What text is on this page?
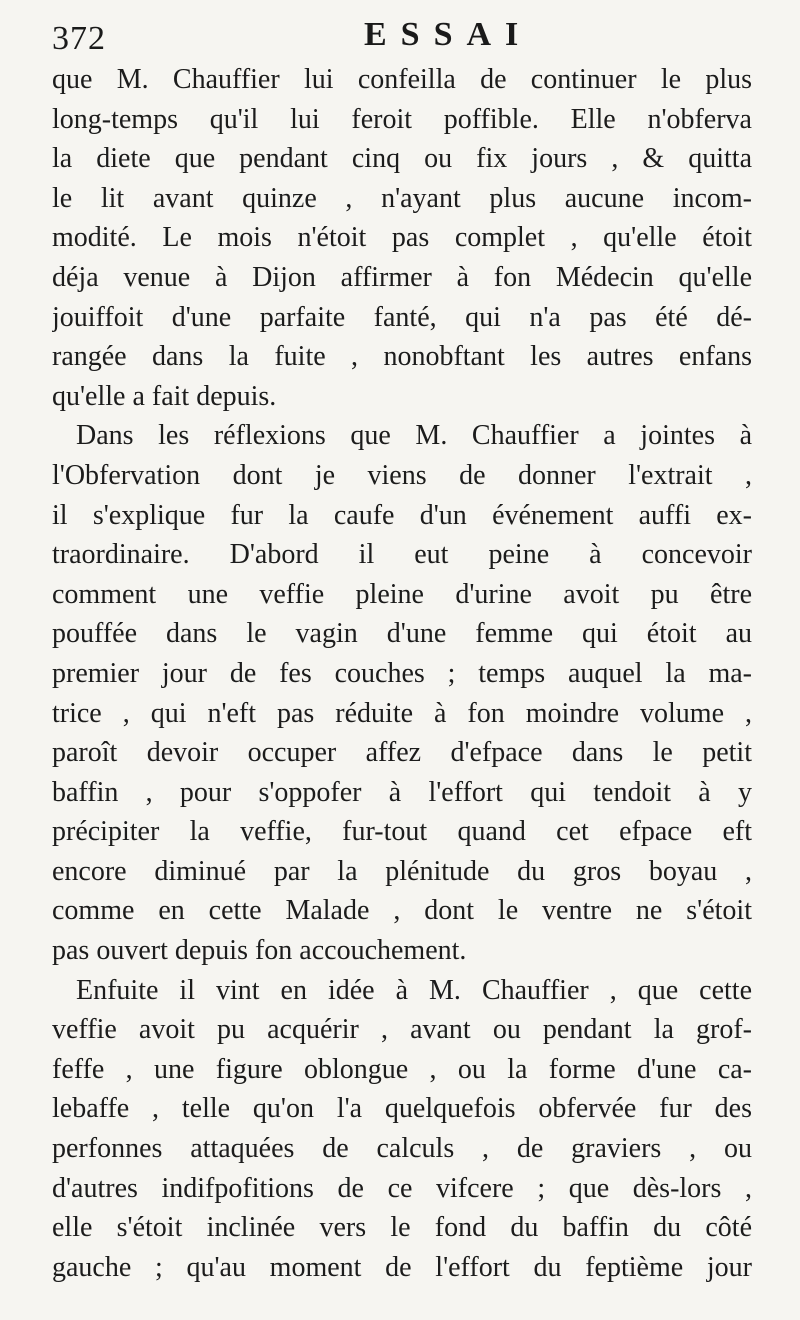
372	ESSAI
que M. Chauffier lui confeilla de continuer le plus
long-temps qu'il lui feroit poffible. Elle n'obferva
la diete que pendant cinq ou fix jours , & quitta
le lit avant quinze , n'ayant plus aucune incom-
modité. Le mois n'étoit pas complet , qu'elle étoit
déja venue à Dijon affirmer à fon Médecin qu'elle
jouiffoit d'une parfaite fanté, qui n'a pas été dé-
rangée dans la fuite , nonobftant les autres enfans
qu'elle a fait depuis.
Dans les réflexions que M. Chauffier a jointes à
l'Obfervation dont je viens de donner l'extrait ,
il s'explique fur la caufe d'un événement auffi ex-
traordinaire. D'abord il eut peine à concevoir
comment une veffie pleine d'urine avoit pu être
pouffée dans le vagin d'une femme qui étoit au
premier jour de fes couches ; temps auquel la ma-
trice , qui n'eft pas réduite à fon moindre volume ,
paroît devoir occuper affez d'efpace dans le petit
baffin , pour s'oppofer à l'effort qui tendoit à y
précipiter la veffie, fur-tout quand cet efpace eft
encore diminué par la plénitude du gros boyau ,
comme en cette Malade , dont le ventre ne s'étoit
pas ouvert depuis fon accouchement.
Enfuite il vint en idée à M. Chauffier , que cette
veffie avoit pu acquérir , avant ou pendant la grof-
feffe , une figure oblongue , ou la forme d'une ca-
lebaffe , telle qu'on l'a quelquefois obfervée fur des
perfonnes attaquées de calculs , de graviers , ou
d'autres indifpofitions de ce vifcere ; que dès-lors ,
elle s'étoit inclinée vers le fond du baffin du côté
gauche ; qu'au moment de l'effort du feptième jour
